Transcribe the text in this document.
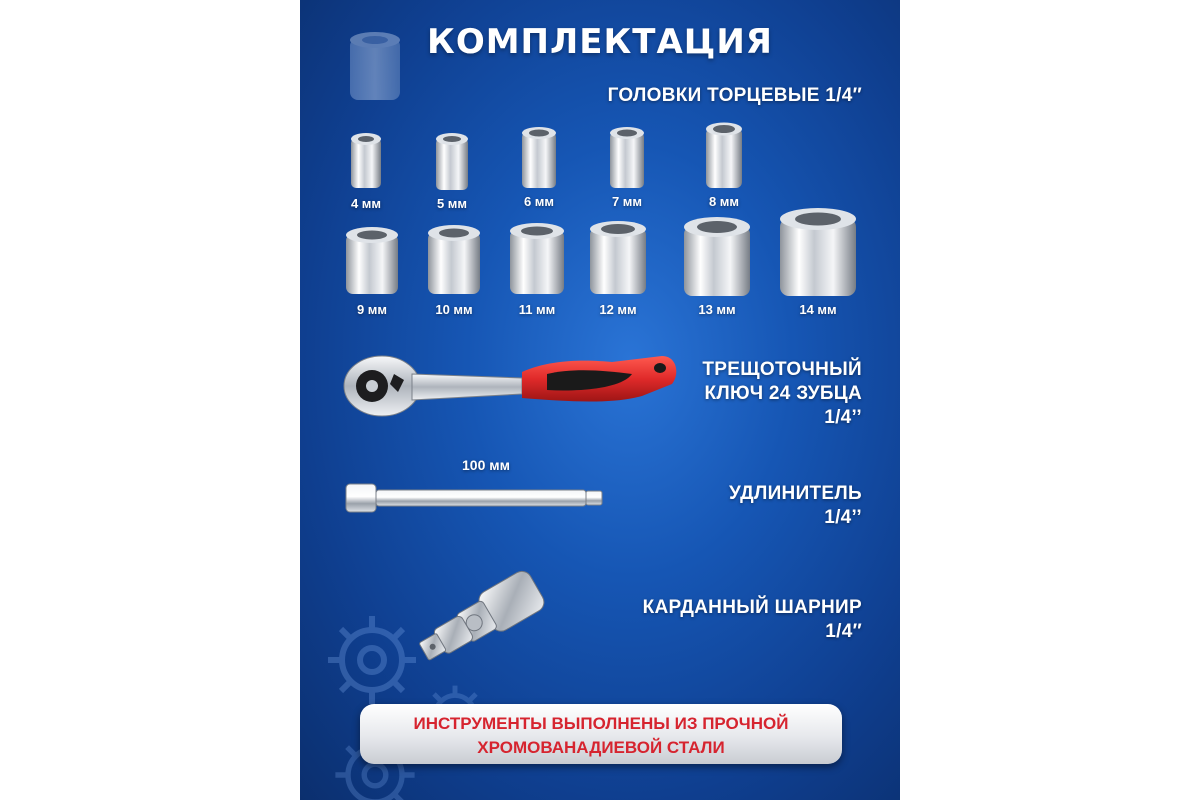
КОМПЛЕКТАЦИЯ
ГОЛОВКИ ТОРЦЕВЫЕ 1/4″
4 мм	5 мм	6 мм	7 мм	8 мм
9 мм	10 мм	11 мм	12 мм	13 мм	14 мм
ТРЕЩОТОЧНЫЙ
КЛЮЧ 24 ЗУБЦА
1/4’’
100 мм
УДЛИНИТЕЛЬ
1/4’’
КАРДАННЫЙ ШАРНИР
1/4″
ИНСТРУМЕНТЫ ВЫПОЛНЕНЫ ИЗ ПРОЧНОЙ
ХРОМОВАНАДИЕВОЙ СТАЛИ
